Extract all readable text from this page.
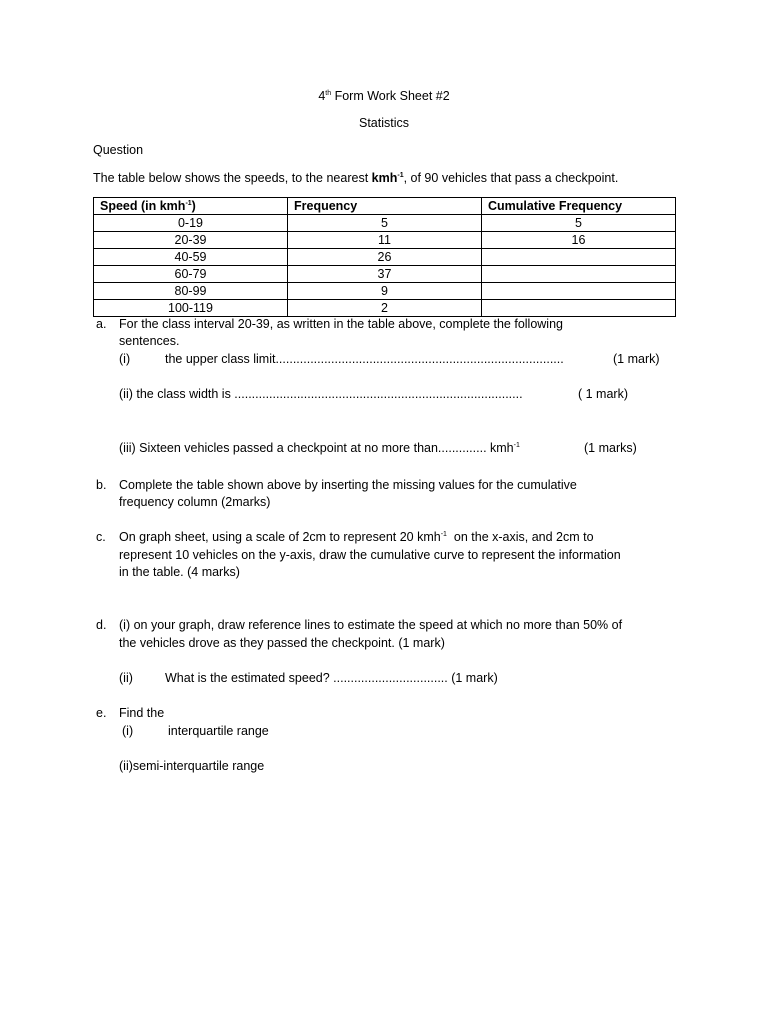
4th Form Work Sheet #2
Statistics
Question
The table below shows the speeds, to the nearest kmh$^{-1}$, of 90 vehicles that pass a checkpoint.
Speed (in kmh$^{-1}$)	Frequency	Cumulative Frequency
0-19	5	5
20-39	11	16
40-59	26	
60-79	37	
80-99	9	
100-119	2	
a. For the class interval 20-39, as written in the table above, complete the following
sentences.
(i)	the upper class limit...................................................................................	(1 mark)
(ii) the class width is ...................................................................................	( 1 mark)
(iii) Sixteen vehicles passed a checkpoint at no more than.............. kmh$^{-1}$	(1 marks)
b. Complete the table shown above by inserting the missing values for the cumulative
frequency column (2marks)
c. On graph sheet, using a scale of 2cm to represent 20 kmh$^{-1}$  on the x-axis, and 2cm to
represent 10 vehicles on the y-axis, draw the cumulative curve to represent the information
in the table. (4 marks)
d. (i) on your graph, draw reference lines to estimate the speed at which no more than 50% of
the vehicles drove as they passed the checkpoint. (1 mark)
(ii)	What is the estimated speed? ................................. (1 mark)
e. Find the
(i)	interquartile range
(ii)semi-interquartile range
